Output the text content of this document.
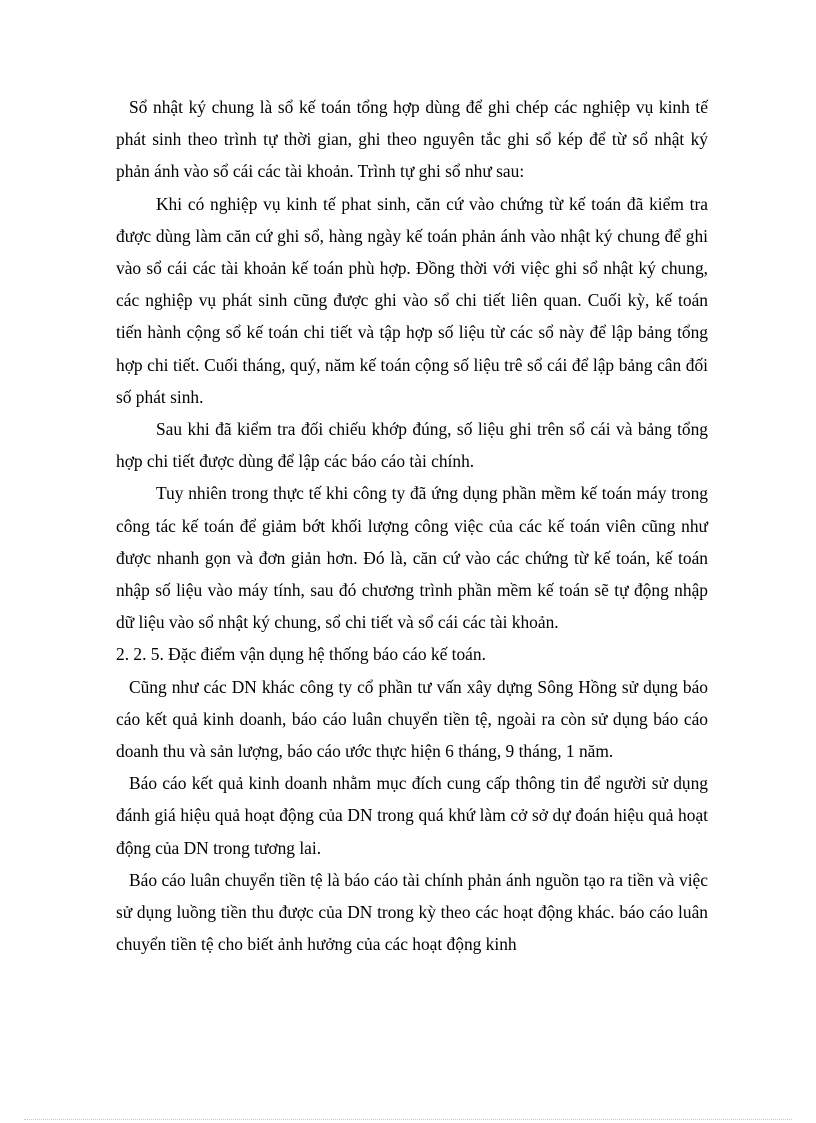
Sổ nhật ký chung là sổ kế toán tổng hợp dùng để ghi chép các nghiệp vụ kinh tế phát sinh theo trình tự thời gian, ghi theo nguyên tắc ghi sổ kép để từ sổ nhật ký phản ánh vào sổ cái các tài khoản. Trình tự ghi sổ như sau:

Khi có nghiệp vụ kinh tế phat sinh, căn cứ vào chứng từ kế toán đã kiểm tra được dùng làm căn cứ ghi sổ, hàng ngày kế toán phản ánh vào nhật ký chung để ghi vào sổ cái các tài khoản kế toán phù hợp. Đồng thời với việc ghi sổ nhật ký chung, các nghiệp vụ phát sinh cũng được ghi vào sổ chi tiết liên quan. Cuối kỳ, kế toán tiến hành cộng sổ kế toán chi tiết và tập hợp số liệu từ các sổ này để lập bảng tổng hợp chi tiết. Cuối tháng, quý, năm kế toán cộng số liệu trê sổ cái để lập bảng cân đối số phát sinh.

Sau khi đã kiểm tra đối chiếu khớp đúng, số liệu ghi trên sổ cái và bảng tổng hợp chi tiết được dùng để lập các báo cáo tài chính.

Tuy nhiên trong thực tế khi công ty đã ứng dụng phần mềm kế toán máy trong công tác kế toán để giảm bớt khối lượng công việc của các kế toán viên cũng như được nhanh gọn và đơn giản hơn. Đó là, căn cứ vào các chứng từ kế toán, kế toán nhập số liệu vào máy tính, sau đó chương trình phần mềm kế toán sẽ tự động nhập dữ liệu vào sổ nhật ký chung, sổ chi tiết và sổ cái các tài khoản.

2. 2. 5. Đặc điểm vận dụng hệ thống báo cáo kế toán.

Cũng như các DN khác công ty cổ phần tư vấn xây dựng Sông Hồng sử dụng báo cáo kết quả kinh doanh, báo cáo luân chuyển tiền tệ, ngoài ra còn sử dụng báo cáo doanh thu và sản lượng, báo cáo ước thực hiện 6 tháng, 9 tháng, 1 năm.

Báo cáo kết quả kinh doanh nhằm mục đích cung cấp thông tin để người sử dụng đánh giá hiệu quả hoạt động của DN trong quá khứ làm cở sở dự đoán hiệu quả hoạt động của DN trong tương lai.

Báo cáo luân chuyển tiền tệ là báo cáo tài chính phản ánh nguồn tạo ra tiền và việc sử dụng luồng tiền thu được của DN trong kỳ theo các hoạt động khác. báo cáo luân chuyển tiền tệ cho biết ảnh hưởng của các hoạt động kinh
